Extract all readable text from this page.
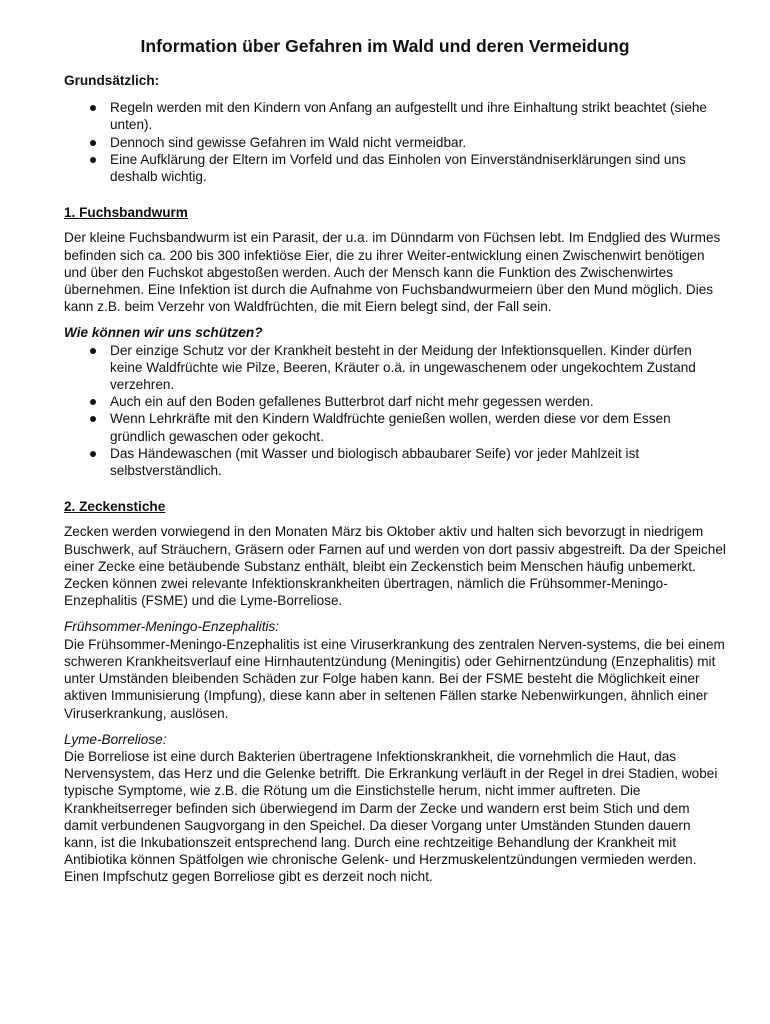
Information über Gefahren im Wald und deren Vermeidung
Grundsätzlich:
Regeln werden mit den Kindern von Anfang an aufgestellt und ihre Einhaltung strikt beachtet (siehe unten).
Dennoch sind gewisse Gefahren im Wald nicht vermeidbar.
Eine Aufklärung der Eltern im Vorfeld und das Einholen von Einverständniserklärungen sind uns deshalb wichtig.
1. Fuchsbandwurm

Der kleine Fuchsbandwurm ist ein Parasit, der u.a. im Dünndarm von Füchsen lebt. Im Endglied des Wurmes befinden sich ca. 200 bis 300 infektiöse Eier, die zu ihrer Weiter-entwicklung einen Zwischenwirt benötigen und über den Fuchskot abgestoßen werden. Auch der Mensch kann die Funktion des Zwischenwirtes übernehmen. Eine Infektion ist durch die Aufnahme von Fuchsbandwurmeiern über den Mund möglich. Dies kann z.B. beim Verzehr von Waldfrüchten, die mit Eiern belegt sind, der Fall sein.

Wie können wir uns schützen?
Der einzige Schutz vor der Krankheit besteht in der Meidung der Infektionsquellen. Kinder dürfen keine Waldfrüchte wie Pilze, Beeren, Kräuter o.ä. in ungewaschenem oder ungekochtem Zustand verzehren.
Auch ein auf den Boden gefallenes Butterbrot darf nicht mehr gegessen werden.
Wenn Lehrkräfte mit den Kindern Waldfrüchte genießen wollen, werden diese vor dem Essen gründlich gewaschen oder gekocht.
Das Händewaschen (mit Wasser und biologisch abbaubarer Seife) vor jeder Mahlzeit ist selbstverständlich.
2. Zeckenstiche

Zecken werden vorwiegend in den Monaten März bis Oktober aktiv und halten sich bevorzugt in niedrigem Buschwerk, auf Sträuchern, Gräsern oder Farnen auf und werden von dort passiv abgestreift. Da der Speichel einer Zecke eine betäubende Substanz enthält, bleibt ein Zeckenstich beim Menschen häufig unbemerkt.

Zecken können zwei relevante Infektionskrankheiten übertragen, nämlich die Frühsommer-Meningo-Enzephalitis (FSME) und die Lyme-Borreliose.

Frühsommer-Meningo-Enzephalitis:

Die Frühsommer-Meningo-Enzephalitis ist eine Viruserkrankung des zentralen Nerven-systems, die bei einem schweren Krankheitsverlauf eine Hirnhautentzündung (Meningitis) oder Gehirnentzündung (Enzephalitis) mit unter Umständen bleibenden Schäden zur Folge haben kann. Bei der FSME besteht die Möglichkeit einer aktiven Immunisierung (Impfung), diese kann aber in seltenen Fällen starke Nebenwirkungen, ähnlich einer Viruserkrankung, auslösen.

Lyme-Borreliose:

Die Borreliose ist eine durch Bakterien übertragene Infektionskrankheit, die vornehmlich die Haut, das Nervensystem, das Herz und die Gelenke betrifft. Die Erkrankung verläuft in der Regel in drei Stadien, wobei typische Symptome, wie z.B. die Rötung um die Einstichstelle herum, nicht immer auftreten. Die Krankheitserreger befinden sich überwiegend im Darm der Zecke und wandern erst beim Stich und dem damit verbundenen Saugvorgang in den Speichel. Da dieser Vorgang unter Umständen Stunden dauern kann, ist die Inkubationszeit entsprechend lang. Durch eine rechtzeitige Behandlung der Krankheit mit Antibiotika können Spätfolgen wie chronische Gelenk- und Herzmuskelentzündungen vermieden werden. Einen Impfschutz gegen Borreliose gibt es derzeit noch nicht.
